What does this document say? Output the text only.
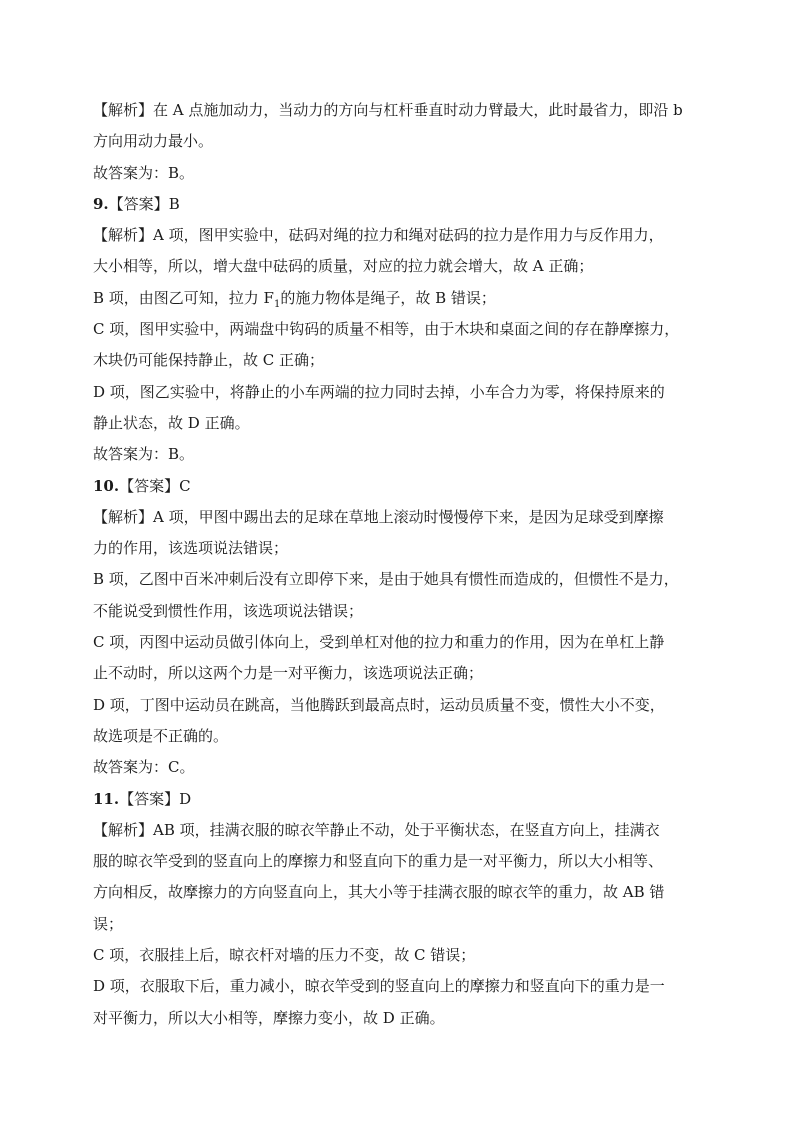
【解析】在 A 点施加动力，当动力的方向与杠杆垂直时动力臂最大，此时最省力，即沿 b
方向用动力最小。
故答案为：B。
9.【答案】B
【解析】A 项，图甲实验中，砝码对绳的拉力和绳对砝码的拉力是作用力与反作用力，
大小相等，所以，增大盘中砝码的质量，对应的拉力就会增大，故 A 正确；
B 项，由图乙可知，拉力 $F_1$的施力物体是绳子，故 B 错误；
C 项，图甲实验中，两端盘中钩码的质量不相等，由于木块和桌面之间的存在静摩擦力，
木块仍可能保持静止，故 C 正确；
D 项，图乙实验中，将静止的小车两端的拉力同时去掉，小车合力为零，将保持原来的
静止状态，故 D 正确。
故答案为：B。
10.【答案】C
【解析】A 项，甲图中踢出去的足球在草地上滚动时慢慢停下来，是因为足球受到摩擦
力的作用，该选项说法错误；
B 项，乙图中百米冲刺后没有立即停下来，是由于她具有惯性而造成的，但惯性不是力，
不能说受到惯性作用，该选项说法错误；
C 项，丙图中运动员做引体向上，受到单杠对他的拉力和重力的作用，因为在单杠上静
止不动时，所以这两个力是一对平衡力，该选项说法正确；
D 项，丁图中运动员在跳高，当他腾跃到最高点时，运动员质量不变，惯性大小不变，
故选项是不正确的。
故答案为：C。
11.【答案】D
【解析】AB 项，挂满衣服的晾衣竿静止不动，处于平衡状态，在竖直方向上，挂满衣
服的晾衣竿受到的竖直向上的摩擦力和竖直向下的重力是一对平衡力，所以大小相等、
方向相反，故摩擦力的方向竖直向上，其大小等于挂满衣服的晾衣竿的重力，故 AB 错
误；
C 项，衣服挂上后，晾衣杆对墙的压力不变，故 C 错误；
D 项，衣服取下后，重力减小，晾衣竿受到的竖直向上的摩擦力和竖直向下的重力是一
对平衡力，所以大小相等，摩擦力变小，故 D 正确。
